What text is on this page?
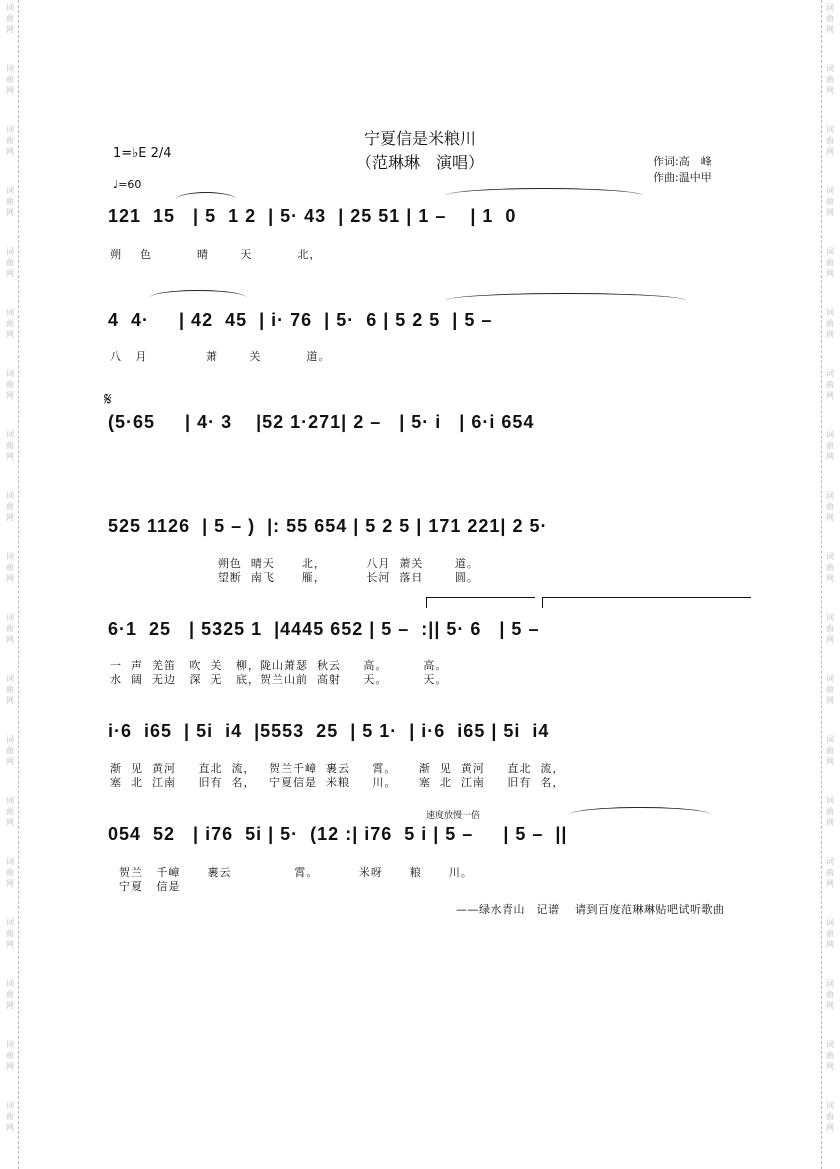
词
曲
网
词
曲
网
词
曲
网
词
曲
网
词
曲
网
词
曲
网
词
曲
网
词
曲
网
词
曲
网
词
曲
网
词
曲
网
词
曲
网
词
曲
网
词
曲
网
词
曲
网
词
曲
网
词
曲
网
词
曲
网
词
曲
网
词
曲
网
词
曲
网
词
曲
网
词
曲
网
词
曲
网
词
曲
网
词
曲
网
词
曲
网
词
曲
网
词
曲
网
词
曲
网
词
曲
网
词
曲
网
词
曲
网
词
曲
网
词
曲
网
词
曲
网
词
曲
网
词
曲
网
宁夏信是米粮川
（范琳琳　演唱）	作词:高　峰
作曲:温中甲
1=♭E 2/4
♩=60
𝄋
121  15   | 5  1 2  | 5· 43  | 25 51 | 1 –    | 1  0
朔    色          晴       天          北，
4  4·     | 42  45  | i· 76  | 5·  6 | 5 2 5  | 5 –
八   月             萧       关          道。
(5·65     | 4· 3    |52 1·271| 2 –   | 5· i   | 6·i 654
525 1126  | 5 – )  |: 55 654 | 5 2 5 | 171 221| 2 5·
朔色  晴天      北，         八月  萧关       道。
望断  南飞      雁，         长河  落日       圆。
6·1  25   | 5325 1  |4445 652 | 5 –  :|| 5· 6   | 5 –
一  声  羌笛   吹  关   柳，陇山萧瑟  秋云     高。        高。
水  阔  无边   深  无   底，贺兰山前  高射     天。        天。
i·6  i65  | 5i  i4  |5553  25  | 5 1·  | i·6  i65 | 5i  i4
渐  见  黄河     直北  流，   贺兰千嶂  裹云     霄。     渐  见  黄河     直北  流，
塞  北  江南     旧有  名，   宁夏信是  米粮     川。     塞  北  江南     旧有  名，
速度放慢一倍
054  52   | i76  5i | 5·  (12 :| i76  5 i | 5 –     | 5 –  ||
贺兰   千嶂      裹云              霄。         米呀      粮      川。
宁夏   信是
——绿水青山　记谱　 请到百度范琳琳贴吧试听歌曲
